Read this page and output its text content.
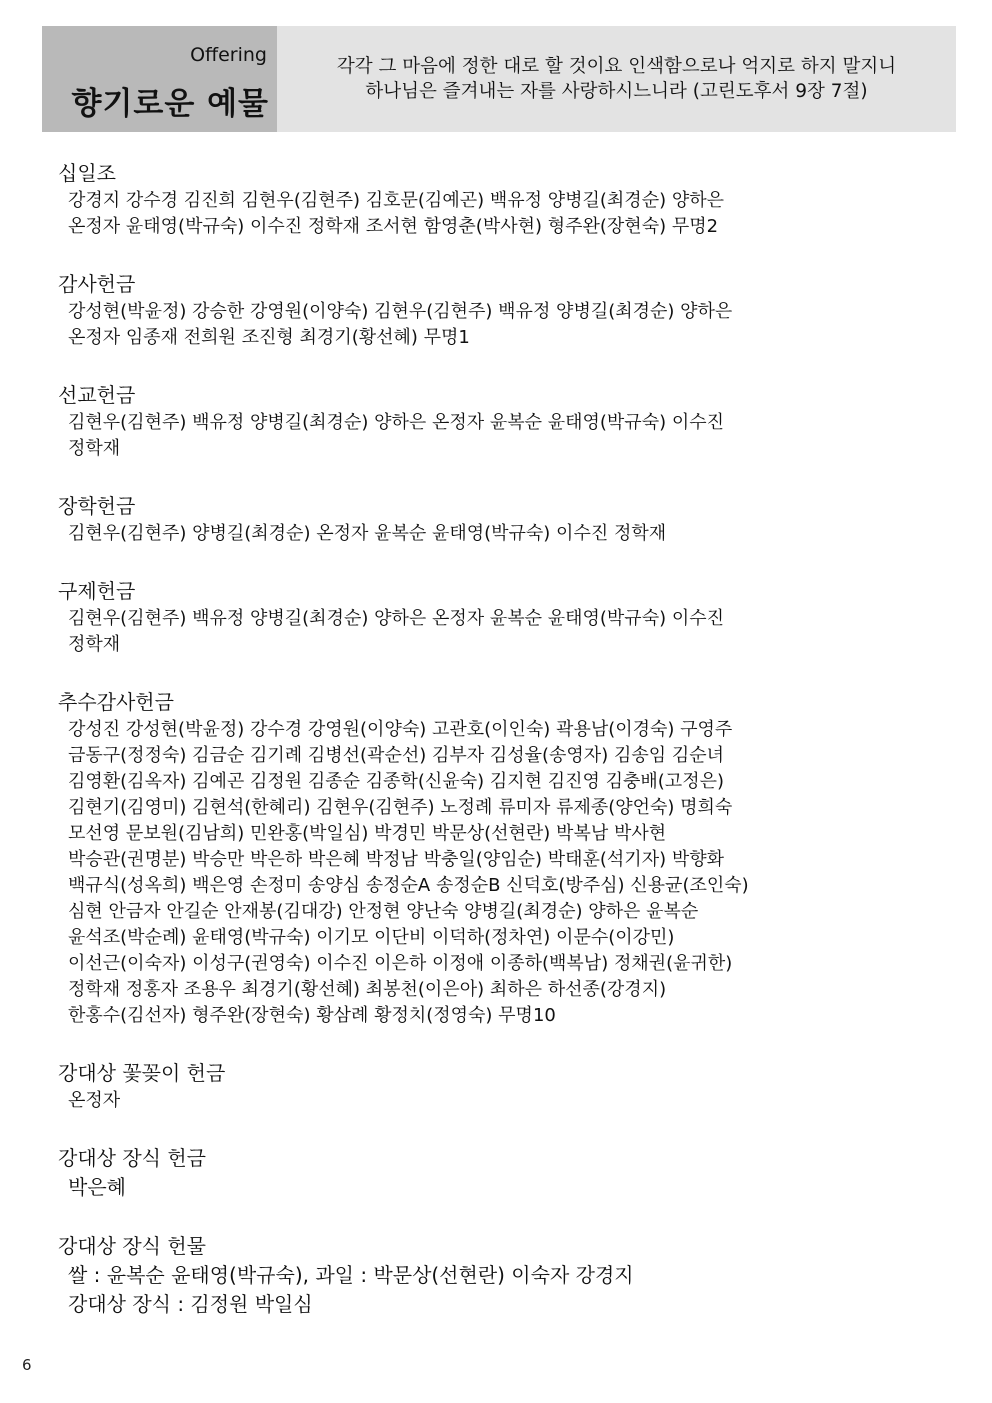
Offering
향기로운 예물
각각 그 마음에 정한 대로 할 것이요 인색함으로나 억지로 하지 말지니
하나님은 즐겨내는 자를 사랑하시느니라 (고린도후서 9장 7절)
십일조
강경지 강수경 김진희 김현우(김현주) 김호문(김예곤) 백유정 양병길(최경순) 양하은
온정자 윤태영(박규숙) 이수진 정학재 조서현 함영춘(박사현) 형주완(장현숙) 무명2
감사헌금
강성현(박윤정) 강승한 강영원(이양숙) 김현우(김현주) 백유정 양병길(최경순) 양하은
온정자 임종재 전희원 조진형 최경기(황선혜) 무명1
선교헌금
김현우(김현주) 백유정 양병길(최경순) 양하은 온정자 윤복순 윤태영(박규숙) 이수진
정학재
장학헌금
김현우(김현주) 양병길(최경순) 온정자 윤복순 윤태영(박규숙) 이수진 정학재
구제헌금
김현우(김현주) 백유정 양병길(최경순) 양하은 온정자 윤복순 윤태영(박규숙) 이수진
정학재
추수감사헌금
강성진 강성현(박윤정) 강수경 강영원(이양숙) 고관호(이인숙) 곽용남(이경숙) 구영주
금동구(정정숙) 김금순 김기례 김병선(곽순선) 김부자 김성율(송영자) 김송임 김순녀
김영환(김옥자) 김예곤 김정원 김종순 김종학(신윤숙) 김지현 김진영 김충배(고정은)
김현기(김영미) 김현석(한혜리) 김현우(김현주) 노정례 류미자 류제종(양언숙) 명희숙
모선영 문보원(김남희) 민완홍(박일심) 박경민 박문상(선현란) 박복남 박사현
박승관(권명분) 박승만 박은하 박은혜 박정남 박충일(양임순) 박태훈(석기자) 박향화
백규식(성옥희) 백은영 손정미 송양심 송정순A 송정순B 신덕호(방주심) 신용균(조인숙)
심현 안금자 안길순 안재봉(김대강) 안정현 양난숙 양병길(최경순) 양하은 윤복순
윤석조(박순례) 윤태영(박규숙) 이기모 이단비 이덕하(정차연) 이문수(이강민)
이선근(이숙자) 이성구(권영숙) 이수진 이은하 이정애 이종하(백복남) 정채권(윤귀한)
정학재 정홍자 조용우 최경기(황선혜) 최봉천(이은아) 최하은 하선종(강경지)
한홍수(김선자) 형주완(장현숙) 황삼례 황정치(정영숙) 무명10
강대상 꽃꽂이 헌금
온정자
강대상 장식 헌금
박은혜
강대상 장식 헌물
쌀 : 윤복순 윤태영(박규숙), 과일 : 박문상(선현란) 이숙자 강경지
강대상 장식 : 김정원 박일심
6
